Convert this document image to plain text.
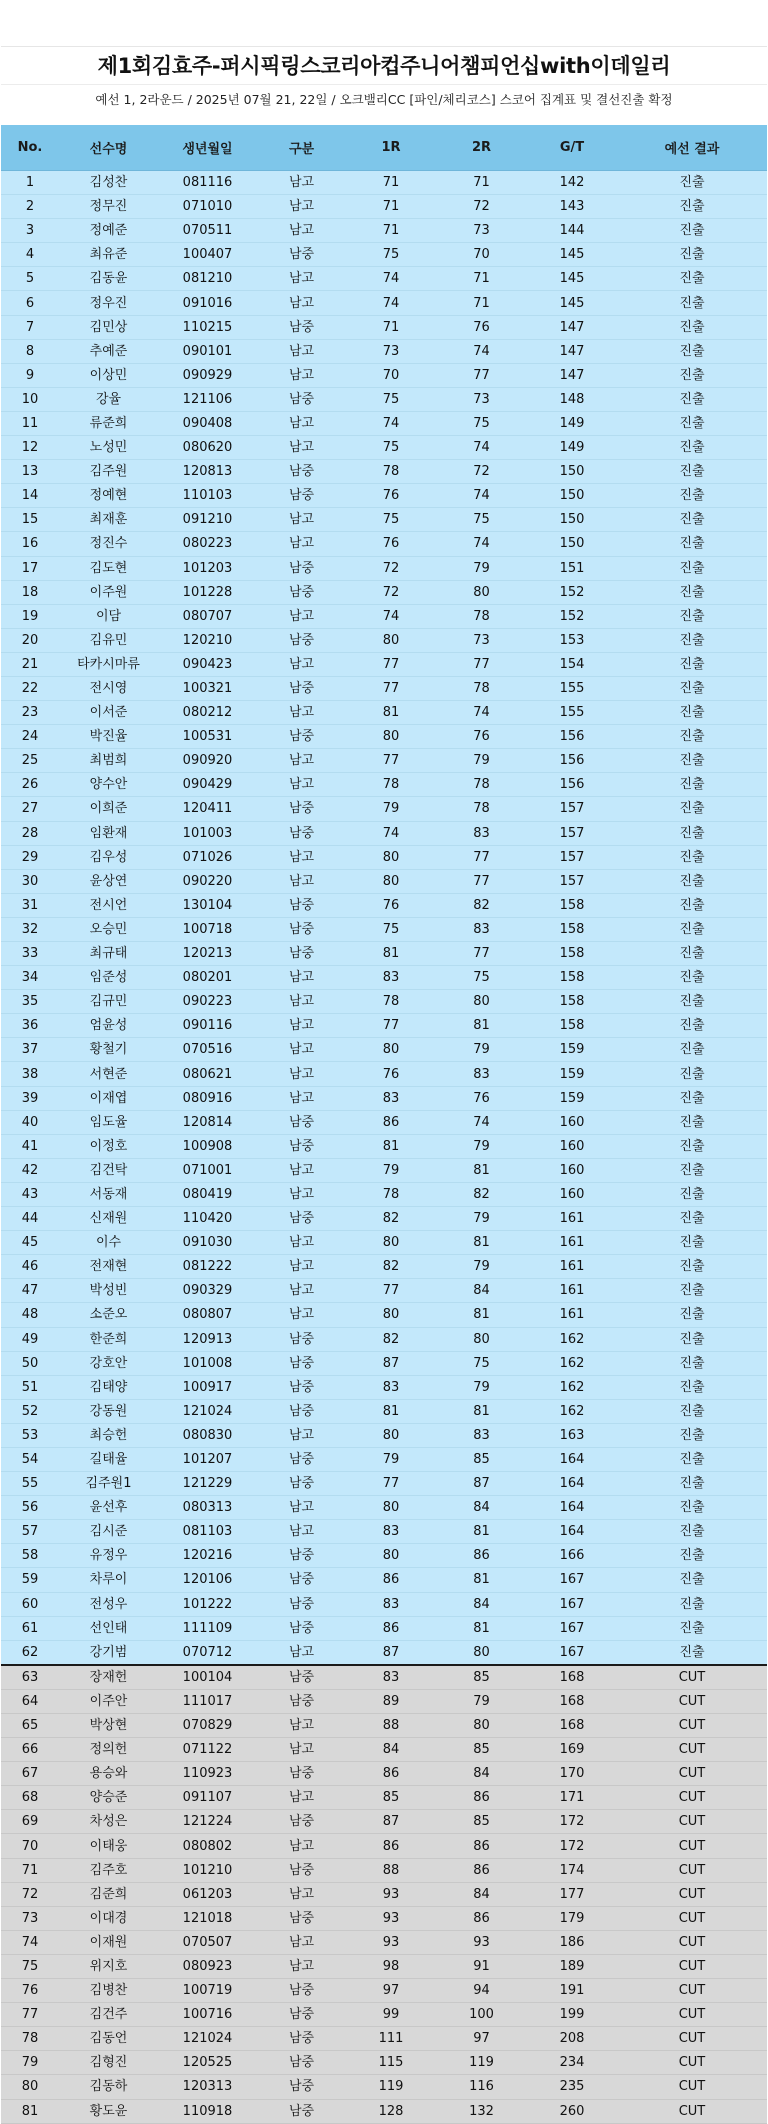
제1회김효주-퍼시픽링스코리아컵주니어챔피언십with이데일리
예선 1, 2라운드 / 2025년 07월 21, 22일 / 오크밸리CC [파인/체리코스] 스코어 집계표 및 결선진출 확정
No.	선수명	생년월일	구분	1R	2R	G/T	예선 결과
1	김성찬	081116	남고	71	71	142	진출
2	정무진	071010	남고	71	72	143	진출
3	정예준	070511	남고	71	73	144	진출
4	최유준	100407	남중	75	70	145	진출
5	김동윤	081210	남고	74	71	145	진출
6	정우진	091016	남고	74	71	145	진출
7	김민상	110215	남중	71	76	147	진출
8	추예준	090101	남고	73	74	147	진출
9	이상민	090929	남고	70	77	147	진출
10	강율	121106	남중	75	73	148	진출
11	류준희	090408	남고	74	75	149	진출
12	노성민	080620	남고	75	74	149	진출
13	김주원	120813	남중	78	72	150	진출
14	정예현	110103	남중	76	74	150	진출
15	최재훈	091210	남고	75	75	150	진출
16	정진수	080223	남고	76	74	150	진출
17	김도현	101203	남중	72	79	151	진출
18	이주원	101228	남중	72	80	152	진출
19	이담	080707	남고	74	78	152	진출
20	김유민	120210	남중	80	73	153	진출
21	타카시마류	090423	남고	77	77	154	진출
22	전시영	100321	남중	77	78	155	진출
23	이서준	080212	남고	81	74	155	진출
24	박진율	100531	남중	80	76	156	진출
25	최범희	090920	남고	77	79	156	진출
26	양수안	090429	남고	78	78	156	진출
27	이희준	120411	남중	79	78	157	진출
28	임환재	101003	남중	74	83	157	진출
29	김우성	071026	남고	80	77	157	진출
30	윤상연	090220	남고	80	77	157	진출
31	전시언	130104	남중	76	82	158	진출
32	오승민	100718	남중	75	83	158	진출
33	최규태	120213	남중	81	77	158	진출
34	임준성	080201	남고	83	75	158	진출
35	김규민	090223	남고	78	80	158	진출
36	엄윤성	090116	남고	77	81	158	진출
37	황철기	070516	남고	80	79	159	진출
38	서현준	080621	남고	76	83	159	진출
39	이재엽	080916	남고	83	76	159	진출
40	임도율	120814	남중	86	74	160	진출
41	이정호	100908	남중	81	79	160	진출
42	김건탁	071001	남고	79	81	160	진출
43	서동재	080419	남고	78	82	160	진출
44	신재원	110420	남중	82	79	161	진출
45	이수	091030	남고	80	81	161	진출
46	전재현	081222	남고	82	79	161	진출
47	박성빈	090329	남고	77	84	161	진출
48	소준오	080807	남고	80	81	161	진출
49	한준희	120913	남중	82	80	162	진출
50	강호안	101008	남중	87	75	162	진출
51	김태양	100917	남중	83	79	162	진출
52	강동원	121024	남중	81	81	162	진출
53	최승헌	080830	남고	80	83	163	진출
54	길태율	101207	남중	79	85	164	진출
55	김주원1	121229	남중	77	87	164	진출
56	윤선후	080313	남고	80	84	164	진출
57	김시준	081103	남고	83	81	164	진출
58	유정우	120216	남중	80	86	166	진출
59	차루이	120106	남중	86	81	167	진출
60	전성우	101222	남중	83	84	167	진출
61	선인태	111109	남중	86	81	167	진출
62	강기범	070712	남고	87	80	167	진출
63	장재헌	100104	남중	83	85	168	CUT
64	이주안	111017	남중	89	79	168	CUT
65	박상현	070829	남고	88	80	168	CUT
66	정의헌	071122	남고	84	85	169	CUT
67	용승와	110923	남중	86	84	170	CUT
68	양승준	091107	남고	85	86	171	CUT
69	차성은	121224	남중	87	85	172	CUT
70	이태웅	080802	남고	86	86	172	CUT
71	김주호	101210	남중	88	86	174	CUT
72	김준희	061203	남고	93	84	177	CUT
73	이대경	121018	남중	93	86	179	CUT
74	이재원	070507	남고	93	93	186	CUT
75	위지호	080923	남고	98	91	189	CUT
76	김병찬	100719	남중	97	94	191	CUT
77	김건주	100716	남중	99	100	199	CUT
78	김동언	121024	남중	111	97	208	CUT
79	김형진	120525	남중	115	119	234	CUT
80	김동하	120313	남중	119	116	235	CUT
81	황도윤	110918	남중	128	132	260	CUT
